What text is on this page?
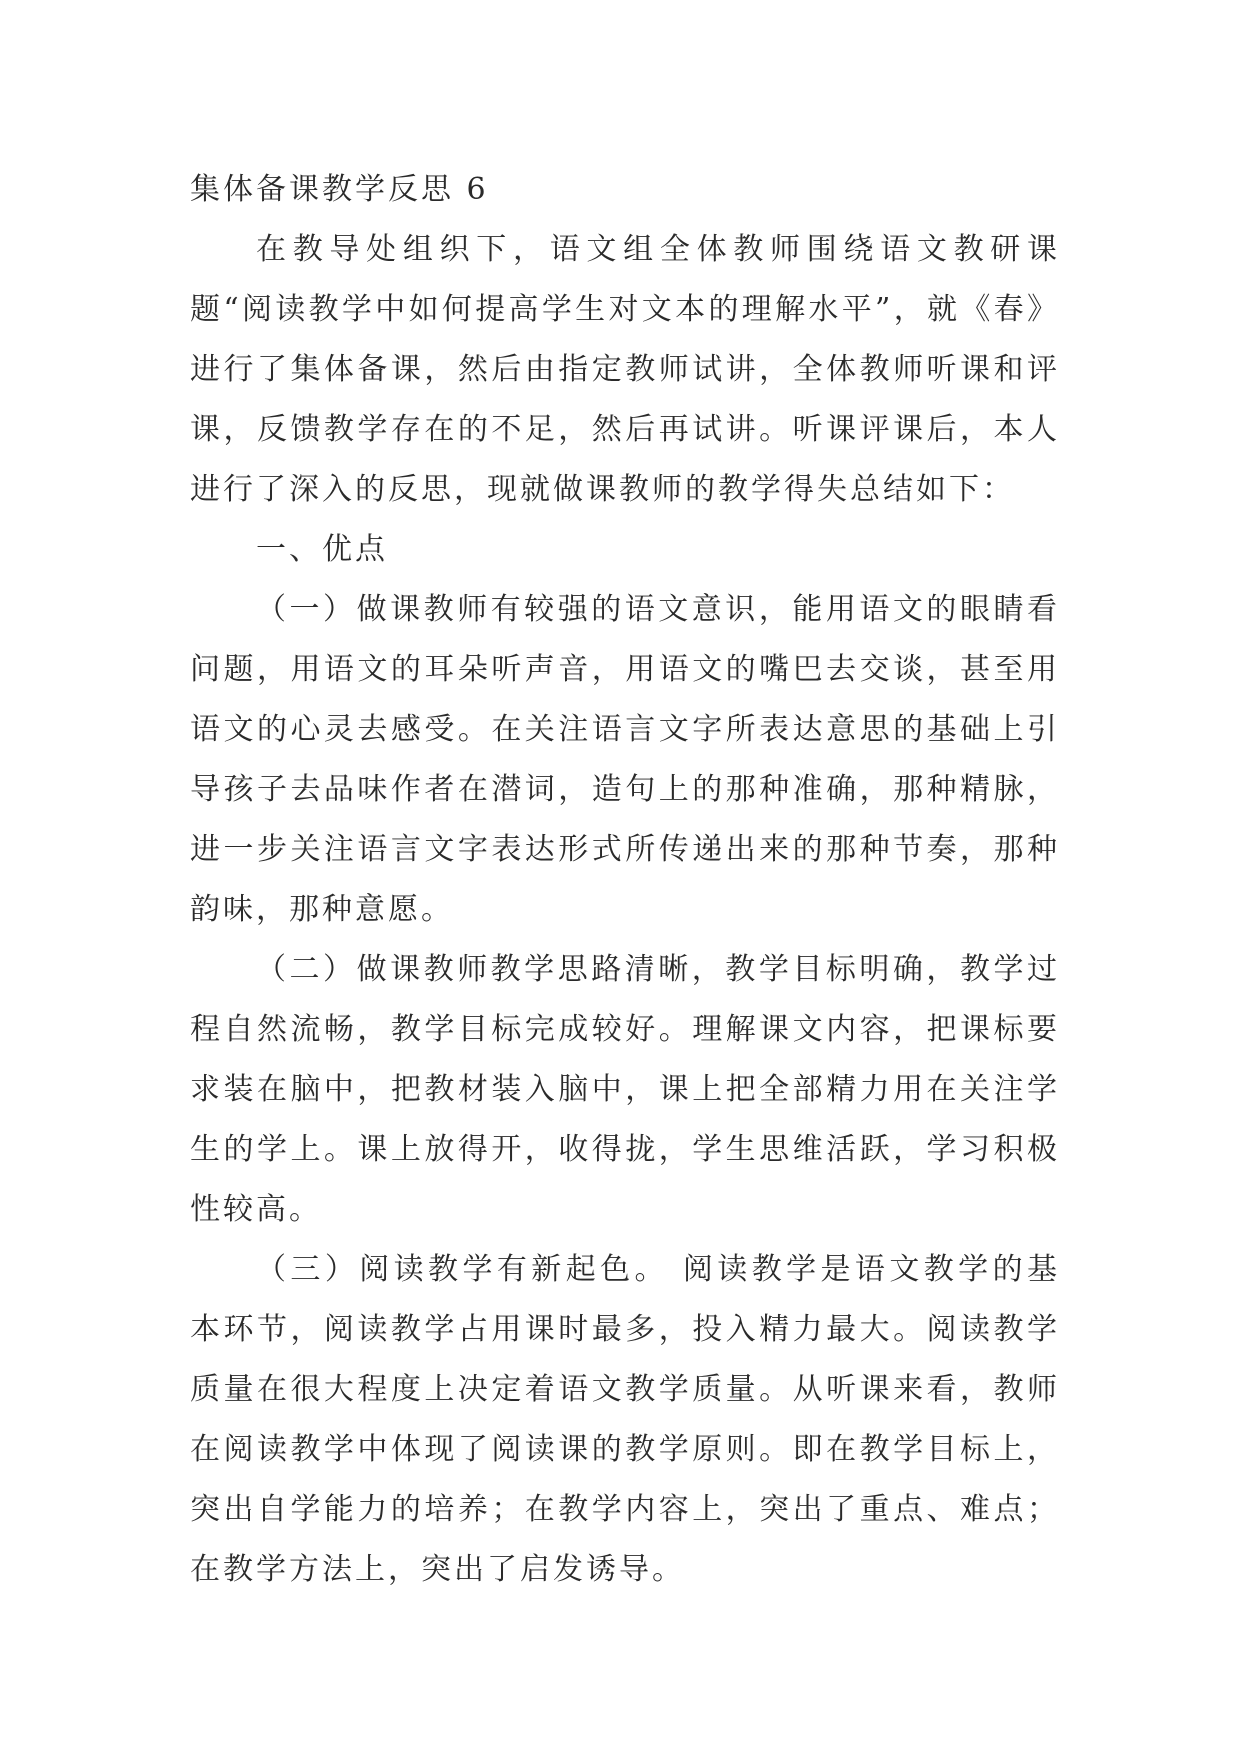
集体备课教学反思 6

在教导处组织下，语文组全体教师围绕语文教研课题“阅读教学中如何提高学生对文本的理解水平”，就《春》进行了集体备课，然后由指定教师试讲，全体教师听课和评课，反馈教学存在的不足，然后再试讲。听课评课后，本人进行了深入的反思，现就做课教师的教学得失总结如下：

一、优点

（一）做课教师有较强的语文意识，能用语文的眼睛看问题，用语文的耳朵听声音，用语文的嘴巴去交谈，甚至用语文的心灵去感受。在关注语言文字所表达意思的基础上引导孩子去品味作者在潜词，造句上的那种准确，那种精脉，进一步关注语言文字表达形式所传递出来的那种节奏，那种韵味，那种意愿。

（二）做课教师教学思路清晰，教学目标明确，教学过程自然流畅，教学目标完成较好。理解课文内容，把课标要求装在脑中，把教材装入脑中，课上把全部精力用在关注学生的学上。课上放得开，收得拢，学生思维活跃，学习积极性较高。

（三）阅读教学有新起色。 阅读教学是语文教学的基本环节，阅读教学占用课时最多，投入精力最大。阅读教学质量在很大程度上决定着语文教学质量。从听课来看，教师在阅读教学中体现了阅读课的教学原则。即在教学目标上，突出自学能力的培养；在教学内容上，突出了重点、难点；在教学方法上，突出了启发诱导。
